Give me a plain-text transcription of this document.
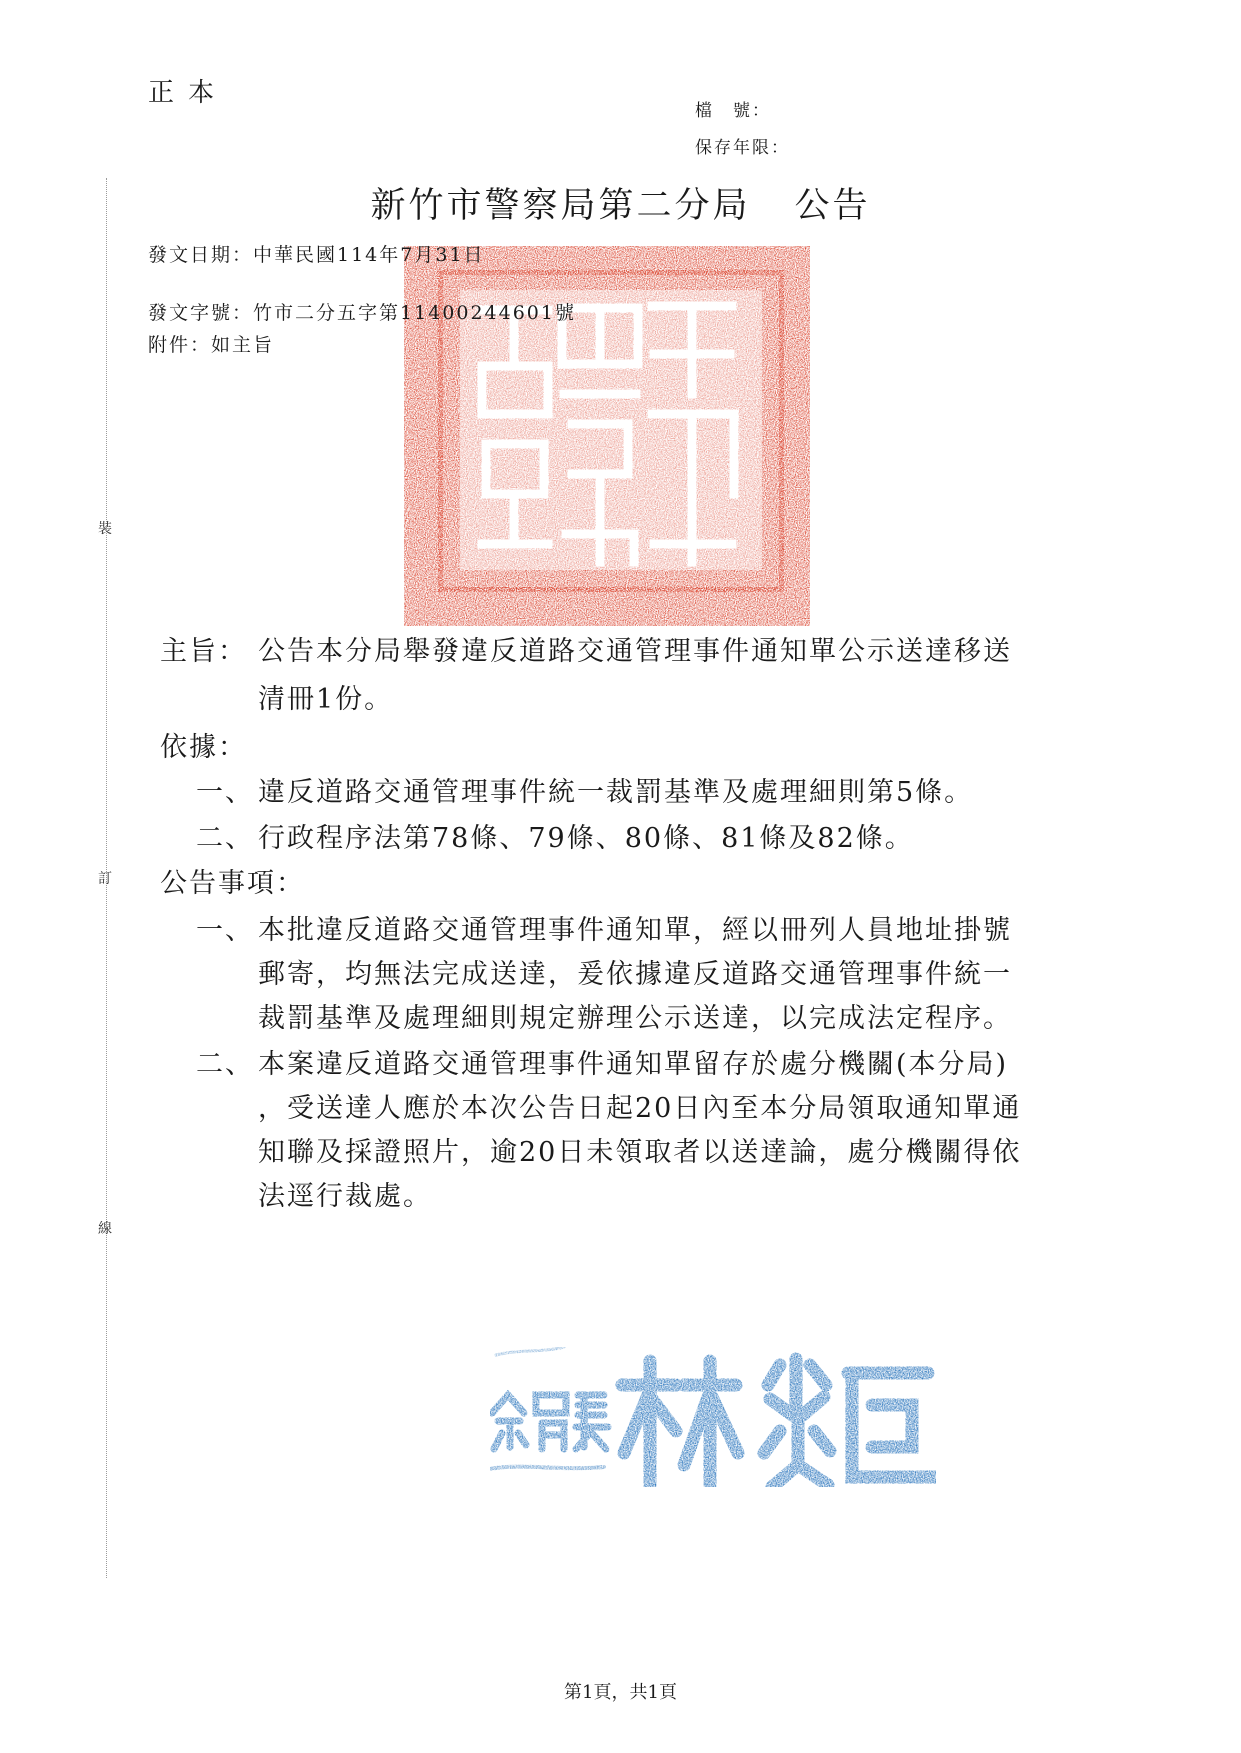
裝
訂
線
正本
檔　號：
保存年限：
新竹市警察局第二分局 公告
發文日期：中華民國114年7月31日
發文字號：竹市二分五字第11400244601號
附件：如主旨
主旨： 公告本分局舉發違反道路交通管理事件通知單公示送達移送
清冊1份。
依據：
一、 違反道路交通管理事件統一裁罰基準及處理細則第5條。
二、 行政程序法第78條、79條、80條、81條及82條。
公告事項：
一、 本批違反道路交通管理事件通知單，經以冊列人員地址掛號
郵寄，均無法完成送達，爰依據違反道路交通管理事件統一
裁罰基準及處理細則規定辦理公示送達，以完成法定程序。
二、 本案違反道路交通管理事件通知單留存於處分機關(本分局)
，受送達人應於本次公告日起20日內至本分局領取通知單通
知聯及採證照片，逾20日未領取者以送達論，處分機關得依
法逕行裁處。
第1頁，共1頁
